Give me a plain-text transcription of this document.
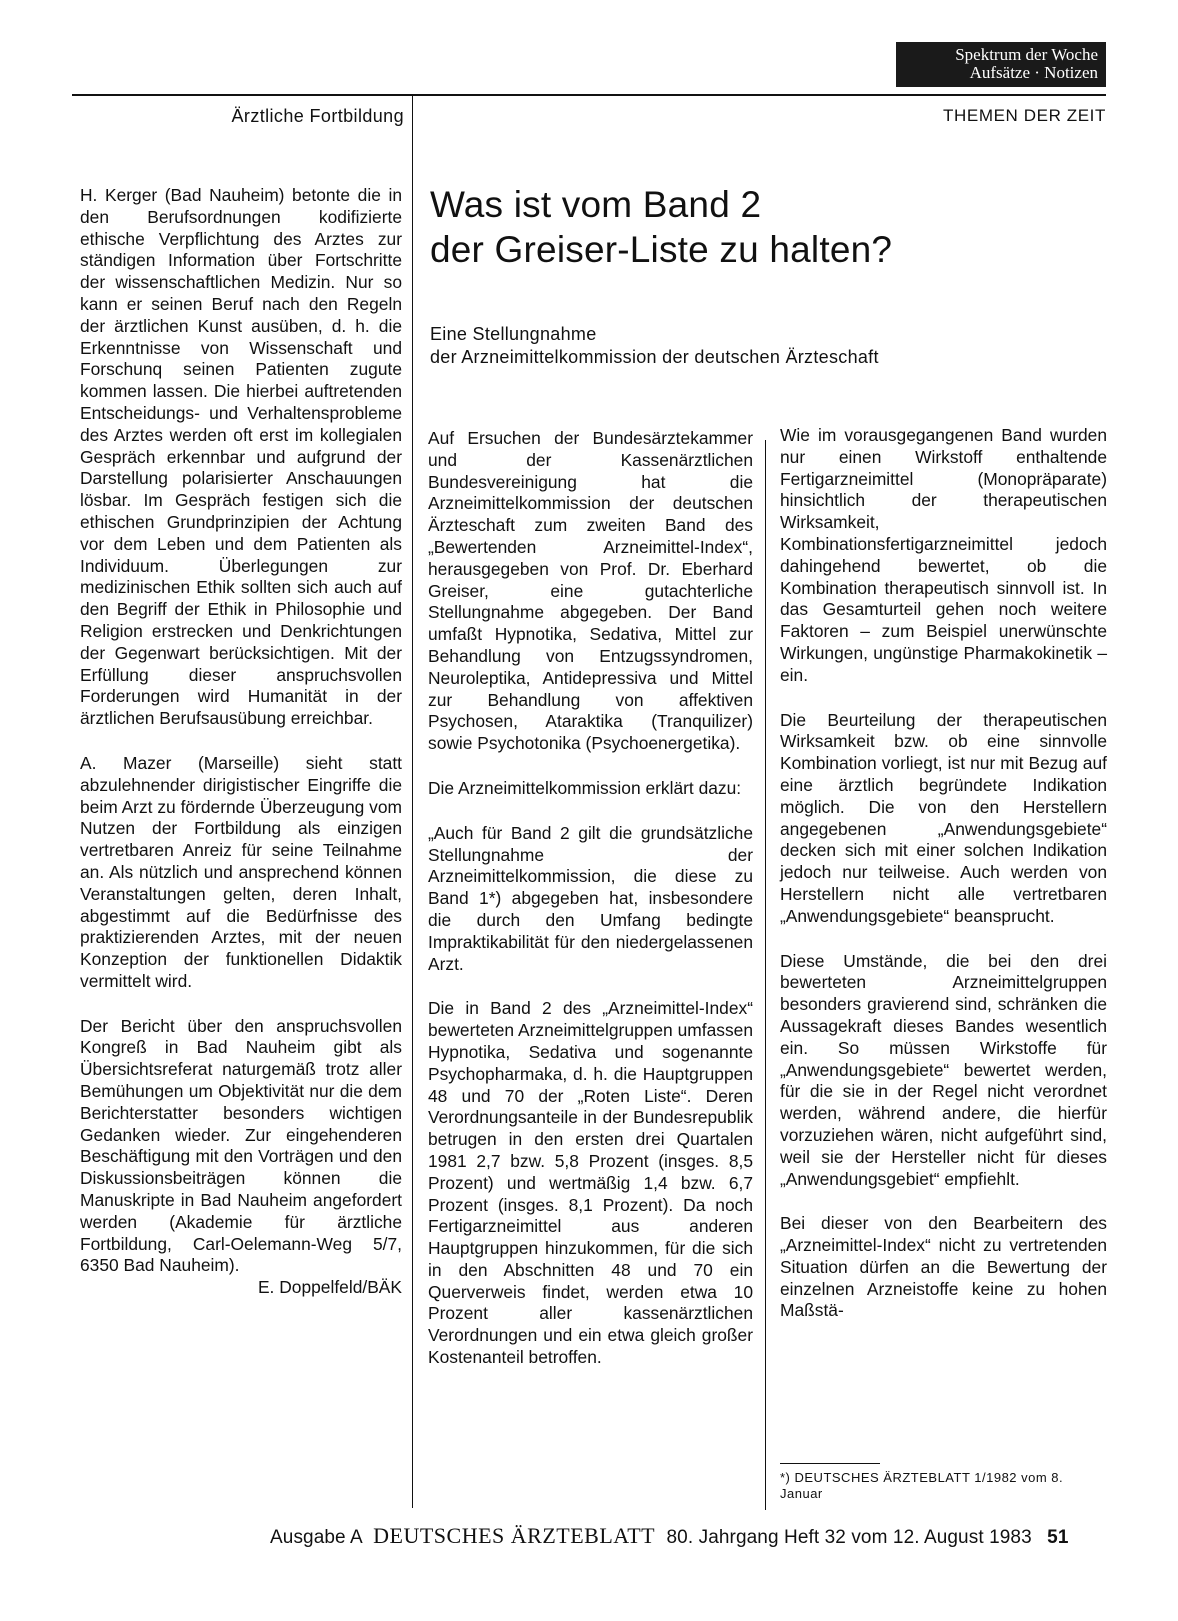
Spektrum der Woche
Aufsätze · Notizen
Ärztliche Fortbildung	THEMEN DER ZEIT

H. Kerger (Bad Nauheim) betonte die in den Berufsordnungen kodifizierte ethische Verpflichtung des Arztes zur ständigen Information über Fortschritte der wissenschaftlichen Medizin. Nur so kann er seinen Beruf nach den Regeln der ärztlichen Kunst ausüben, d. h. die Erkenntnisse von Wissenschaft und Forschunq seinen Patienten zugute kommen lassen. Die hierbei auftretenden Entscheidungs- und Verhaltensprobleme des Arztes werden oft erst im kollegialen Gespräch erkennbar und aufgrund der Darstellung polarisierter Anschauungen lösbar. Im Gespräch festigen sich die ethischen Grundprinzipien der Achtung vor dem Leben und dem Patienten als Individuum. Überlegungen zur medizinischen Ethik sollten sich auch auf den Begriff der Ethik in Philosophie und Religion erstrecken und Denkrichtungen der Gegenwart berücksichtigen. Mit der Erfüllung dieser anspruchsvollen Forderungen wird Humanität in der ärztlichen Berufsausübung erreichbar.

A. Mazer (Marseille) sieht statt abzulehnender dirigistischer Eingriffe die beim Arzt zu fördernde Überzeugung vom Nutzen der Fortbildung als einzigen vertretbaren Anreiz für seine Teilnahme an. Als nützlich und ansprechend können Veranstaltungen gelten, deren Inhalt, abgestimmt auf die Bedürfnisse des praktizierenden Arztes, mit der neuen Konzeption der funktionellen Didaktik vermittelt wird.

Der Bericht über den anspruchsvollen Kongreß in Bad Nauheim gibt als Übersichtsreferat naturgemäß trotz aller Bemühungen um Objektivität nur die dem Berichterstatter besonders wichtigen Gedanken wieder. Zur eingehenderen Beschäftigung mit den Vorträgen und den Diskussionsbeiträgen können die Manuskripte in Bad Nauheim angefordert werden (Akademie für ärztliche Fortbildung, Carl-Oelemann-Weg 5/7, 6350 Bad Nauheim).

E. Doppelfeld/BÄK
Was ist vom Band 2
der Greiser-Liste zu halten?
Eine Stellungnahme
der Arzneimittelkommission der deutschen Ärzteschaft

Auf Ersuchen der Bundesärztekammer und der Kassenärztlichen Bundesvereinigung hat die Arzneimittelkommission der deutschen Ärzteschaft zum zweiten Band des „Bewertenden Arzneimittel-Index“, herausgegeben von Prof. Dr. Eberhard Greiser, eine gutachterliche Stellungnahme abgegeben. Der Band umfaßt Hypnotika, Sedativa, Mittel zur Behandlung von Entzugssyndromen, Neuroleptika, Antidepressiva und Mittel zur Behandlung von affektiven Psychosen, Ataraktika (Tranquilizer) sowie Psychotonika (Psychoenergetika).

Die Arzneimittelkommission erklärt dazu:

„Auch für Band 2 gilt die grundsätzliche Stellungnahme der Arzneimittelkommission, die diese zu Band 1*) abgegeben hat, insbesondere die durch den Umfang bedingte Impraktikabilität für den niedergelassenen Arzt.

Die in Band 2 des „Arzneimittel-Index“ bewerteten Arzneimittelgruppen umfassen Hypnotika, Sedativa und sogenannte Psychopharmaka, d. h. die Hauptgruppen 48 und 70 der „Roten Liste“. Deren Verordnungsanteile in der Bundesrepublik betrugen in den ersten drei Quartalen 1981 2,7 bzw. 5,8 Prozent (insges. 8,5 Prozent) und wertmäßig 1,4 bzw. 6,7 Prozent (insges. 8,1 Prozent). Da noch Fertigarzneimittel aus anderen Hauptgruppen hinzukommen, für die sich in den Abschnitten 48 und 70 ein Querverweis findet, werden etwa 10 Prozent aller kassenärztlichen Verordnungen und ein etwa gleich großer Kostenanteil betroffen.

Wie im vorausgegangenen Band wurden nur einen Wirkstoff enthaltende Fertigarzneimittel (Monopräparate) hinsichtlich der therapeutischen Wirksamkeit, Kombinationsfertigarzneimittel jedoch dahingehend bewertet, ob die Kombination therapeutisch sinnvoll ist. In das Gesamturteil gehen noch weitere Faktoren – zum Beispiel unerwünschte Wirkungen, ungünstige Pharmakokinetik – ein.

Die Beurteilung der therapeutischen Wirksamkeit bzw. ob eine sinnvolle Kombination vorliegt, ist nur mit Bezug auf eine ärztlich begründete Indikation möglich. Die von den Herstellern angegebenen „Anwendungsgebiete“ decken sich mit einer solchen Indikation jedoch nur teilweise. Auch werden von Herstellern nicht alle vertretbaren „Anwendungsgebiete“ beansprucht.

Diese Umstände, die bei den drei bewerteten Arzneimittelgruppen besonders gravierend sind, schränken die Aussagekraft dieses Bandes wesentlich ein. So müssen Wirkstoffe für „Anwendungsgebiete“ bewertet werden, für die sie in der Regel nicht verordnet werden, während andere, die hierfür vorzuziehen wären, nicht aufgeführt sind, weil sie der Hersteller nicht für dieses „Anwendungsgebiet“ empfiehlt.

Bei dieser von den Bearbeitern des „Arzneimittel-Index“ nicht zu vertretenden Situation dürfen an die Bewertung der einzelnen Arzneistoffe keine zu hohen Maßstä-

*) DEUTSCHES ÄRZTEBLATT 1/1982 vom 8. Januar
Ausgabe A DEUTSCHES ÄRZTEBLATT 80. Jahrgang Heft 32 vom 12. August 1983 51
